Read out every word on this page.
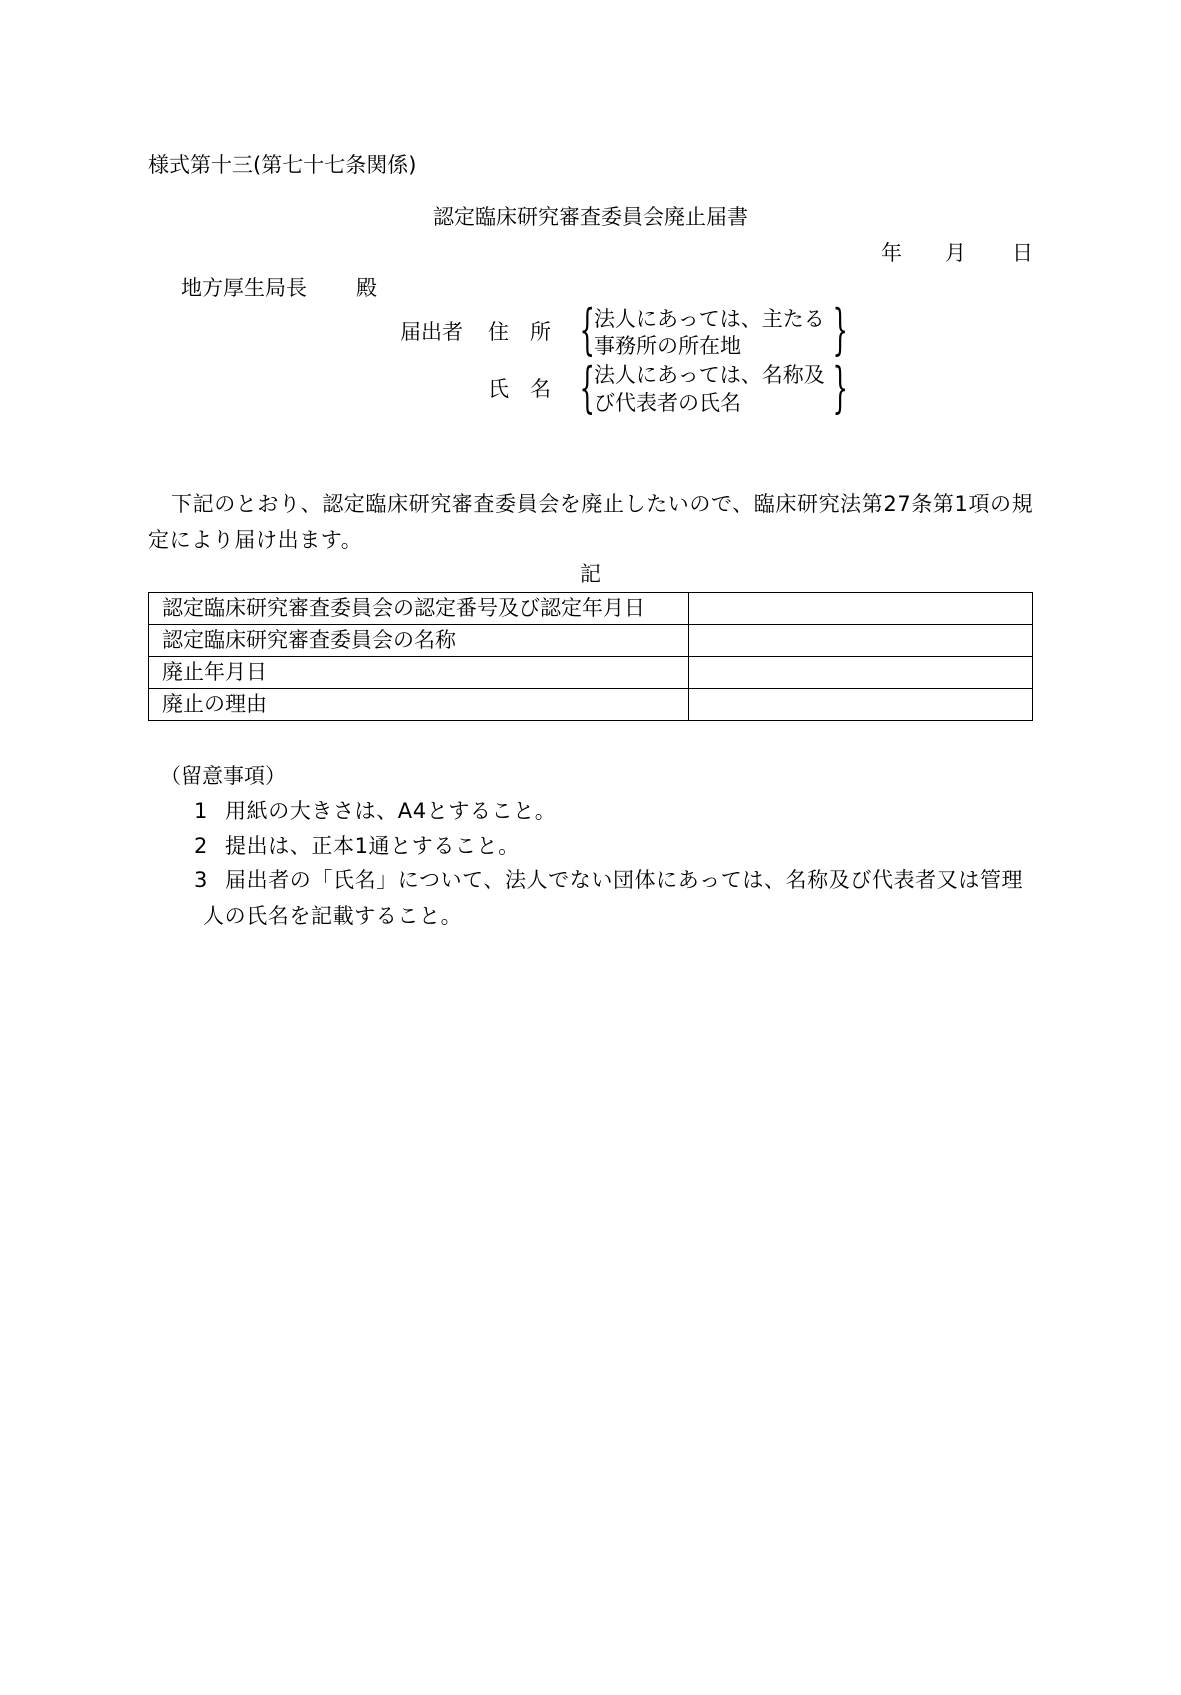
様式第十三(第七十七条関係)
認定臨床研究審査委員会廃止届書
年 月 日
地方厚生局長 殿
届出者 住　所 { 法人にあっては、主たる
事務所の所在地 }
氏　名 { 法人にあっては、名称及
び代表者の氏名 }
下記のとおり、認定臨床研究審査委員会を廃止したいので、臨床研究法第27条第1項の規
定により届け出ます。
記
認定臨床研究審査委員会の認定番号及び認定年月日	
認定臨床研究審査委員会の名称	
廃止年月日	
廃止の理由	
（留意事項）
1 用紙の大きさは、A4とすること。
2 提出は、正本1通とすること。
3 届出者の「氏名」について、法人でない団体にあっては、名称及び代表者又は管理
人の氏名を記載すること。
